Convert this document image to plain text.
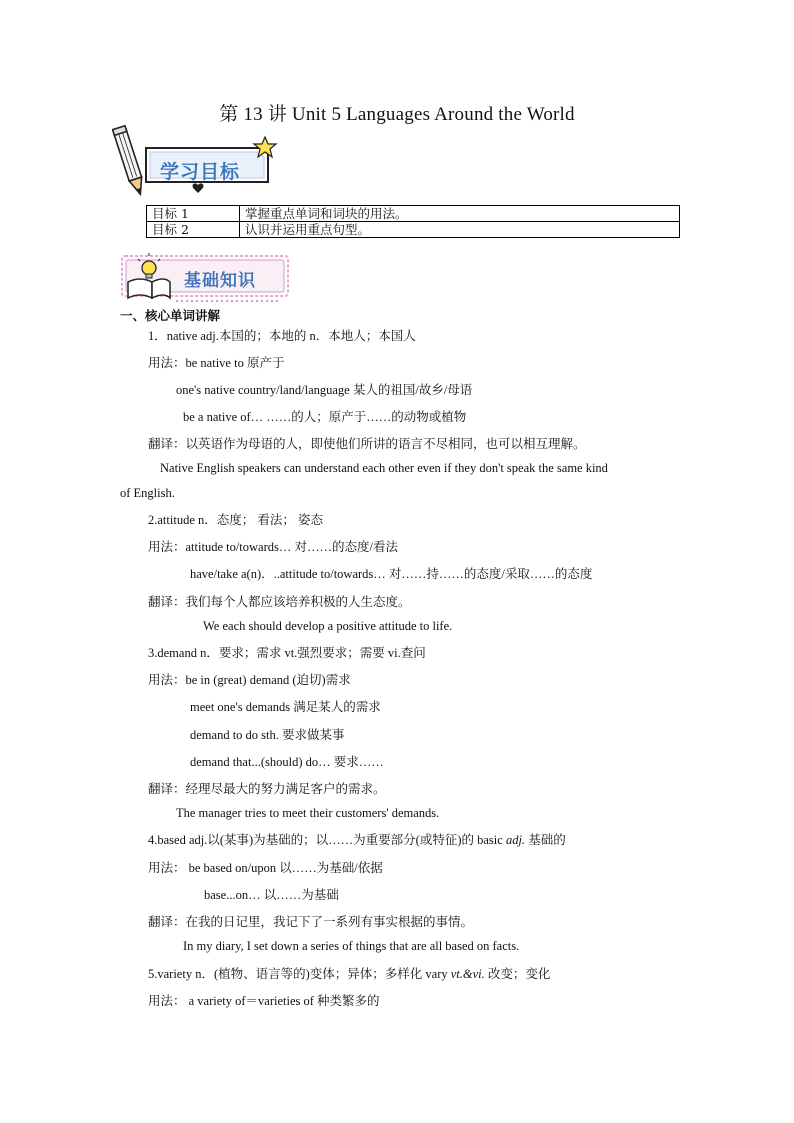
第 13 讲 Unit 5 Languages Around the World
学习目标
目标 1	掌握重点单词和词块的用法。
目标 2	认识并运用重点句型。
基础知识
一、核心单词讲解
1．native adj.本国的；本地的 n．本地人；本国人
用法：be native to 原产于
one's native country/land/language 某人的祖国/故乡/母语
be a native of… ……的人；原产于……的动物或植物
翻译：以英语作为母语的人，即使他们所讲的语言不尽相同，也可以相互理解。
Native English speakers can understand each other even if they don't speak the same kind
of English.
2.attitude n．态度； 看法； 姿态
用法：attitude to/towards… 对……的态度/看法
have/take a(n)．..attitude to/towards… 对……持……的态度/采取……的态度
翻译：我们每个人都应该培养积极的人生态度。
We each should develop a positive attitude to life.
3.demand n．要求；需求 vt.强烈要求；需要 vi.查问
用法：be in (great) demand (迫切)需求
meet one's demands 满足某人的需求
demand to do sth. 要求做某事
demand that...(should) do… 要求……
翻译：经理尽最大的努力满足客户的需求。
The manager tries to meet their customers' demands.
4.based adj.以(某事)为基础的；以……为重要部分(或特征)的 basic adj. 基础的
用法： be based on/upon 以……为基础/依据
base...on… 以……为基础
翻译：在我的日记里，我记下了一系列有事实根据的事情。
In my diary, I set down a series of things that are all based on facts.
5.variety n．(植物、语言等的)变体；异体；多样化 vary vt.&vi. 改变；变化
用法： a variety of＝varieties of 种类繁多的
